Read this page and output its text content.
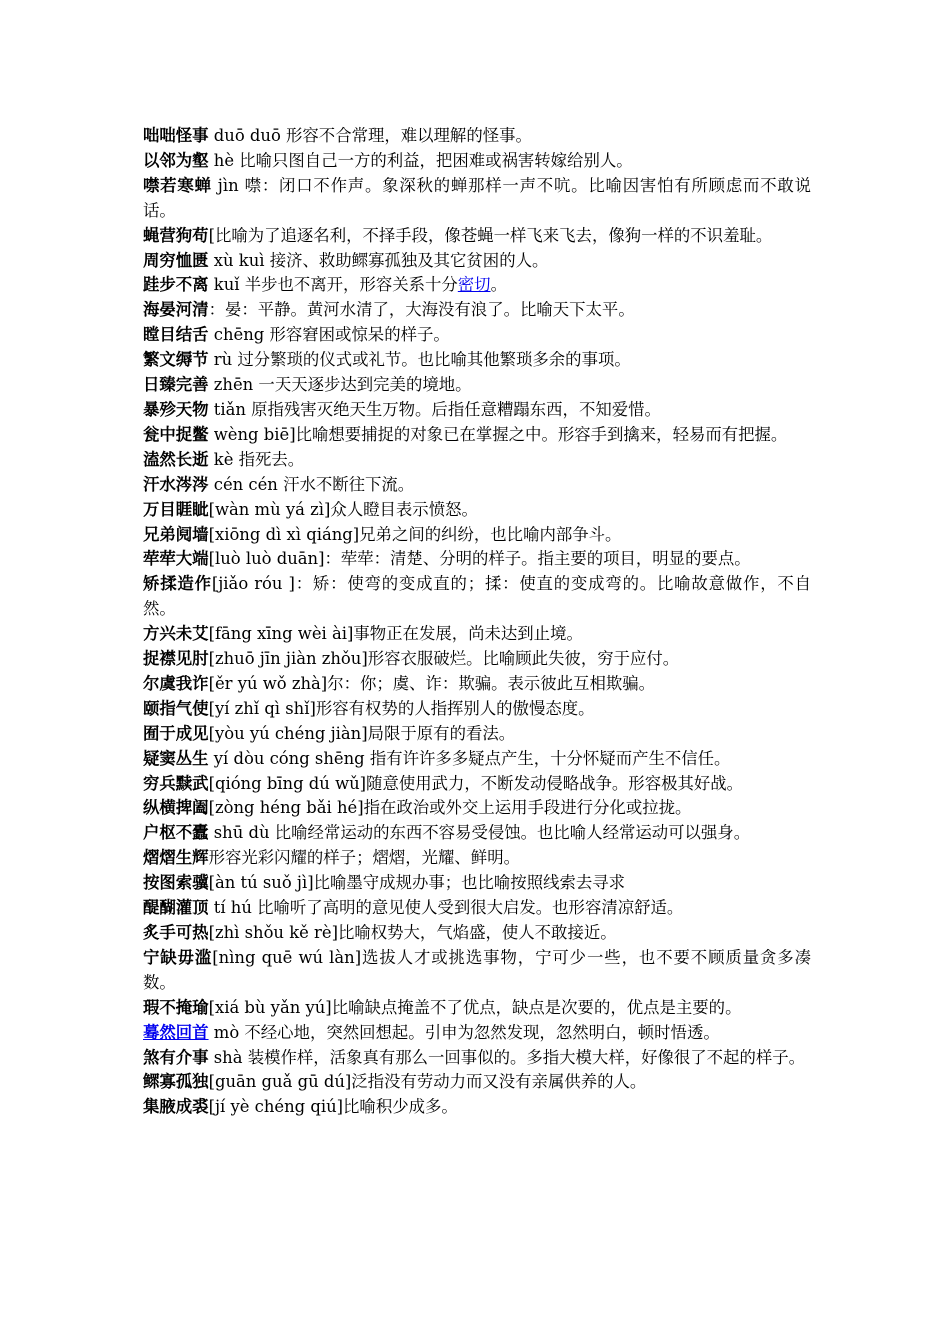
咄咄怪事 duō duō 形容不合常理，难以理解的怪事。

以邻为壑 hè 比喻只图自己一方的利益，把困难或祸害转嫁给别人。

噤若寒蝉 jìn 噤：闭口不作声。象深秋的蝉那样一声不吭。比喻因害怕有所顾虑而不敢说话。

蝇营狗苟[比喻为了追逐名利，不择手段，像苍蝇一样飞来飞去，像狗一样的不识羞耻。

周穷恤匮 xù kuì 接济、救助鳏寡孤独及其它贫困的人。

跬步不离 kuǐ 半步也不离开，形容关系十分密切。

海晏河清：晏：平静。黄河水清了，大海没有浪了。比喻天下太平。

瞠目结舌 chēng 形容窘困或惊呆的样子。

繁文缛节 rù 过分繁琐的仪式或礼节。也比喻其他繁琐多余的事项。

日臻完善 zhēn 一天天逐步达到完美的境地。

暴殄天物 tiǎn 原指残害灭绝天生万物。后指任意糟蹋东西，不知爱惜。

瓮中捉鳖 wèng biē]比喻想要捕捉的对象已在掌握之中。形容手到擒来，轻易而有把握。

溘然长逝 kè 指死去。

汗水涔涔 cén cén 汗水不断往下流。

万目睚眦[wàn mù yá zì]众人瞪目表示愤怒。

兄弟阋墙[xiōng dì xì qiáng]兄弟之间的纠纷，也比喻内部争斗。

荦荦大端[luò luò duān]：荦荦：清楚、分明的样子。指主要的项目，明显的要点。

矫揉造作[jiǎo róu ]：矫：使弯的变成直的；揉：使直的变成弯的。比喻故意做作，不自然。

方兴未艾[fāng xīng wèi ài]事物正在发展，尚未达到止境。

捉襟见肘[zhuō jīn jiàn zhǒu]形容衣服破烂。比喻顾此失彼，穷于应付。

尔虞我诈[ěr yú wǒ zhà]尔：你；虞、诈：欺骗。表示彼此互相欺骗。

颐指气使[yí zhǐ qì shǐ]形容有权势的人指挥别人的傲慢态度。

囿于成见[yòu yú chéng jiàn]局限于原有的看法。

疑窦丛生 yí dòu cóng shēng 指有许许多多疑点产生，十分怀疑而产生不信任。

穷兵黩武[qióng bīng dú wǔ]随意使用武力，不断发动侵略战争。形容极其好战。

纵横捭阖[zòng héng bǎi hé]指在政治或外交上运用手段进行分化或拉拢。

户枢不蠹 shū dù 比喻经常运动的东西不容易受侵蚀。也比喻人经常运动可以强身。

熠熠生辉形容光彩闪耀的样子；熠熠，光耀、鲜明。

按图索骥[àn tú suǒ jì]比喻墨守成规办事；也比喻按照线索去寻求

醍醐灌顶 tí hú 比喻听了高明的意见使人受到很大启发。也形容清凉舒适。

炙手可热[zhì shǒu kě rè]比喻权势大，气焰盛，使人不敢接近。

宁缺毋滥[nìng quē wú làn]选拔人才或挑选事物，宁可少一些，也不要不顾质量贪多凑数。

瑕不掩瑜[xiá bù yǎn yú]比喻缺点掩盖不了优点，缺点是次要的，优点是主要的。

蓦然回首 mò 不经心地，突然回想起。引申为忽然发现，忽然明白，顿时悟透。

煞有介事 shà 装模作样，活象真有那么一回事似的。多指大模大样，好像很了不起的样子。

鳏寡孤独[guān guǎ gū dú]泛指没有劳动力而又没有亲属供养的人。

集腋成裘[jí yè chéng qiú]比喻积少成多。
